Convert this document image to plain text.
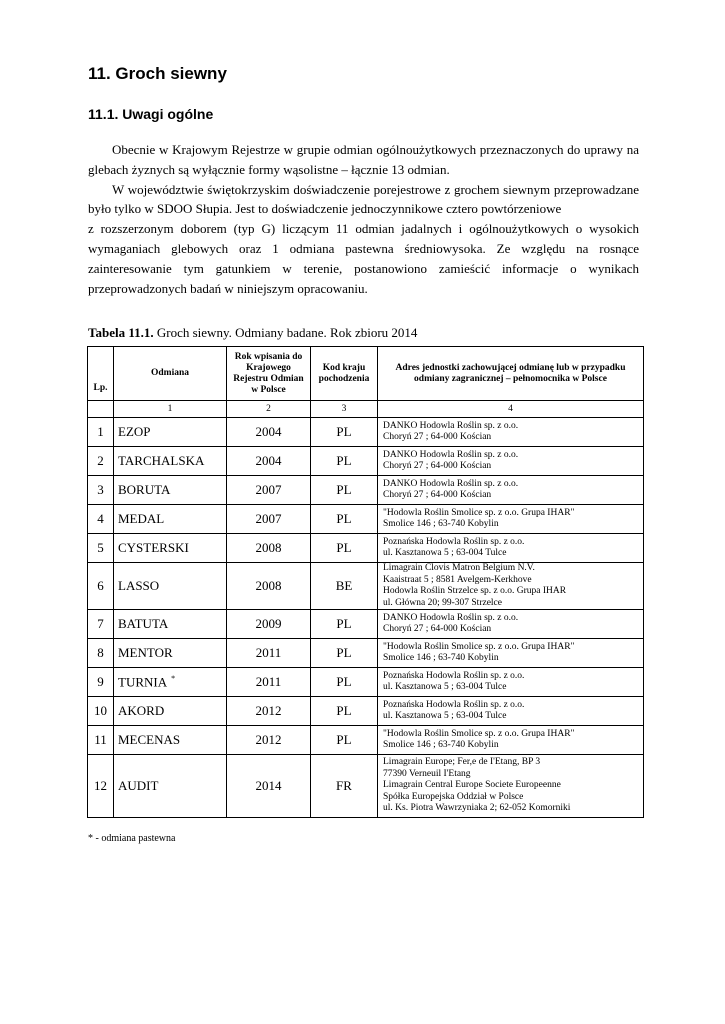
11. Groch siewny
11.1. Uwagi ogólne

Obecnie w Krajowym Rejestrze w grupie odmian ogólnoużytkowych przeznaczonych do uprawy na glebach żyznych są wyłącznie formy wąsolistne – łącznie 13 odmian.

W województwie świętokrzyskim doświadczenie porejestrowe z grochem siewnym przeprowadzane było tylko w SDOO Słupia. Jest to doświadczenie jednoczynnikowe cztero powtórzeniowe

z rozszerzonym doborem (typ G) liczącym 11 odmian jadalnych i ogólnoużytkowych o wysokich wymaganiach glebowych oraz 1 odmiana pastewna średniowysoka. Ze względu na rosnące zainteresowanie tym gatunkiem w terenie, postanowiono zamieścić informacje o wynikach przeprowadzonych badań w niniejszym opracowaniu.

Tabela 11.1. Groch siewny. Odmiany badane. Rok zbioru 2014
Lp.	Odmiana	Rok wpisania do Krajowego Rejestru Odmian w Polsce	Kod kraju pochodzenia	Adres jednostki zachowującej odmianę lub w przypadku odmiany zagranicznej – pełnomocnika w Polsce
	1	2	3	4
1	EZOP	2004	PL	DANKO Hodowla Roślin sp. z o.o.
Choryń 27 ; 64-000 Kościan

2	TARCHALSKA	2004	PL	DANKO Hodowla Roślin sp. z o.o.
Choryń 27 ; 64-000 Kościan

3	BORUTA	2007	PL	DANKO Hodowla Roślin sp. z o.o.
Choryń 27 ; 64-000 Kościan

4	MEDAL	2007	PL	"Hodowla Roślin Smolice sp. z o.o. Grupa IHAR"
Smolice 146 ; 63-740 Kobylin

5	CYSTERSKI	2008	PL	Poznańska Hodowla Roślin sp. z o.o.
ul. Kasztanowa 5 ; 63-004 Tulce

6	LASSO	2008	BE	Limagrain Clovis Matron Belgium N.V.
Kaaistraat 5 ; 8581 Avelgem-Kerkhove
Hodowla Roślin Strzelce sp. z o.o. Grupa IHAR
ul. Główna 20; 99-307 Strzelce

7	BATUTA	2009	PL	DANKO Hodowla Roślin sp. z o.o.
Choryń 27 ; 64-000 Kościan

8	MENTOR	2011	PL	"Hodowla Roślin Smolice sp. z o.o. Grupa IHAR"
Smolice 146 ; 63-740 Kobylin

9	TURNIA *	2011	PL	Poznańska Hodowla Roślin sp. z o.o.
ul. Kasztanowa 5 ; 63-004 Tulce

10	AKORD	2012	PL	Poznańska Hodowla Roślin sp. z o.o.
ul. Kasztanowa 5 ; 63-004 Tulce

11	MECENAS	2012	PL	"Hodowla Roślin Smolice sp. z o.o. Grupa IHAR"
Smolice 146 ; 63-740 Kobylin

12	AUDIT	2014	FR	Limagrain Europe; Fer,e de I'Etang, BP 3
77390 Verneuil I'Etang
Limagrain Central Europe Societe Europeenne
Spółka Europejska Oddział w Polsce
ul. Ks. Piotra Wawrzyniaka 2; 62-052 Komorniki
* - odmiana pastewna
